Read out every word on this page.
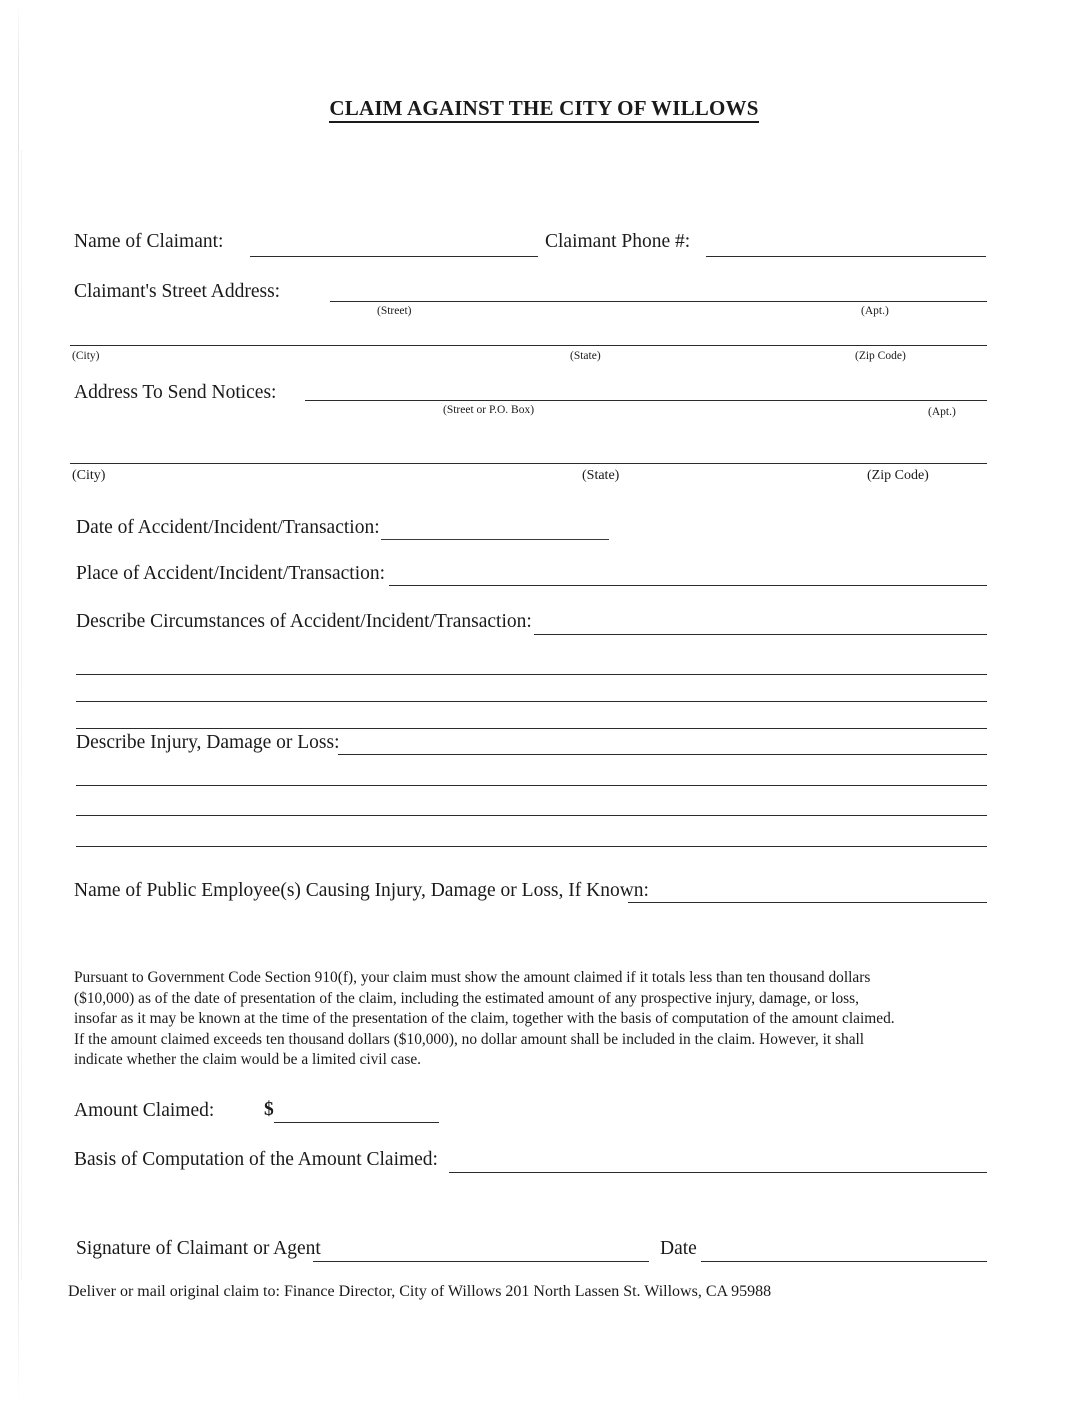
CLAIM AGAINST THE CITY OF WILLOWS
Name of Claimant:	Claimant Phone #:
Claimant's Street Address:
(Street)	(Apt.)
(City)	(State)	(Zip Code)
Address To Send Notices:
(Street or P.O. Box)	(Apt.)
(City)	(State)	(Zip Code)
Date of Accident/Incident/Transaction:
Place of Accident/Incident/Transaction:
Describe Circumstances of Accident/Incident/Transaction:
Describe Injury, Damage or Loss:
Name of Public Employee(s) Causing Injury, Damage or Loss, If Known:

Pursuant to Government Code Section 910(f), your claim must show the amount claimed if it totals less than ten thousand dollars

($10,000) as of the date of presentation of the claim, including the estimated amount of any prospective injury, damage, or loss,

insofar as it may be known at the time of the presentation of the claim, together with the basis of computation of the amount claimed.

If the amount claimed exceeds ten thousand dollars ($10,000), no dollar amount shall be included in the claim. However, it shall

indicate whether the claim would be a limited civil case.

Amount Claimed:	$
Basis of Computation of the Amount Claimed:
Signature of Claimant or Agent	Date
Deliver or mail original claim to: Finance Director, City of Willows 201 North Lassen St. Willows, CA 95988
